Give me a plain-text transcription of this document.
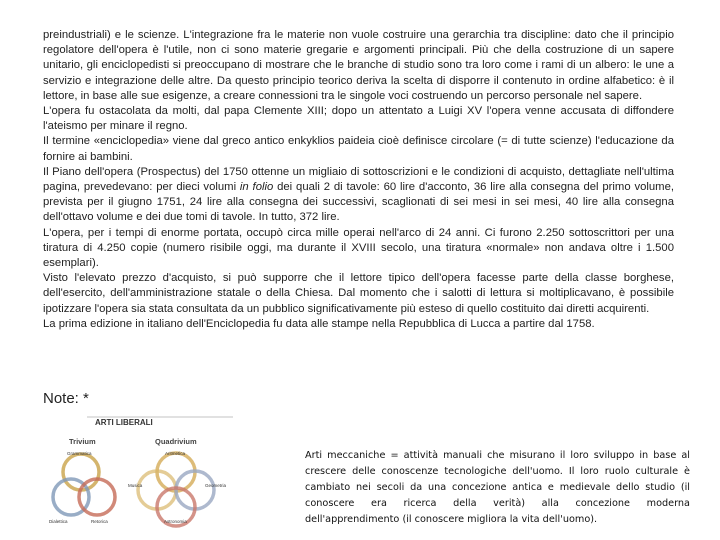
preindustriali) e le scienze. L'integrazione fra le materie non vuole costruire una gerarchia tra discipline: dato che il principio regolatore dell'opera è l'utile, non ci sono materie gregarie e argomenti principali. Più che della costruzione di un sapere unitario, gli enciclopedisti si preoccupano di mostrare che le branche di studio sono tra loro come i rami di un albero: le une a servizio e integrazione delle altre. Da questo principio teorico deriva la scelta di disporre il contenuto in ordine alfabetico: è il lettore, in base alle sue esigenze, a creare connessioni tra le singole voci costruendo un percorso personale nel sapere.

L'opera fu ostacolata da molti, dal papa Clemente XIII; dopo un attentato a Luigi XV l'opera venne accusata di diffondere l'ateismo per minare il regno.

Il termine «enciclopedia» viene dal greco antico enkyklios paideia cioè definisce circolare (= di tutte scienze) l'educazione da fornire ai bambini.

Il Piano dell'opera (Prospectus) del 1750 ottenne un migliaio di sottoscrizioni e le condizioni di acquisto, dettagliate nell'ultima pagina, prevedevano: per dieci volumi in folio dei quali 2 di tavole: 60 lire d'acconto, 36 lire alla consegna del primo volume, prevista per il giugno 1751, 24 lire alla consegna dei successivi, scaglionati di sei mesi in sei mesi, 40 lire alla consegna dell'ottavo volume e dei due tomi di tavole. In tutto, 372 lire.

L'opera, per i tempi di enorme portata, occupò circa mille operai nell'arco di 24 anni. Ci furono 2.250 sottoscrittori per una tiratura di 4.250 copie (numero risibile oggi, ma durante il XVIII secolo, una tiratura «normale» non andava oltre i 1.500 esemplari).

Visto l'elevato prezzo d'acquisto, si può supporre che il lettore tipico dell'opera facesse parte della classe borghese, dell'esercito, dell'amministrazione statale o della Chiesa. Dal momento che i salotti di lettura si moltiplicavano, è possibile ipotizzare l'opera sia stata consultata da un pubblico significativamente più esteso di quello costituito dai diretti acquirenti.

La prima edizione in italiano dell'Enciclopedia fu data alle stampe nella Repubblica di Lucca a partire dal 1758.

Note: *
ARTI LIBERALI
Trivium	Quadrivium
Grammatica
Dialettica	Retorica
Aritmetica
Musica	Geometria
Astronomia
Arti meccaniche = attività manuali che misurano il loro sviluppo in base al crescere delle conoscenze tecnologiche dell'uomo. Il loro ruolo culturale è cambiato nei secoli da una concezione antica e medievale dello studio (il conoscere era ricerca della verità) alla concezione moderna dell'apprendimento (il conoscere migliora la vita dell'uomo).
